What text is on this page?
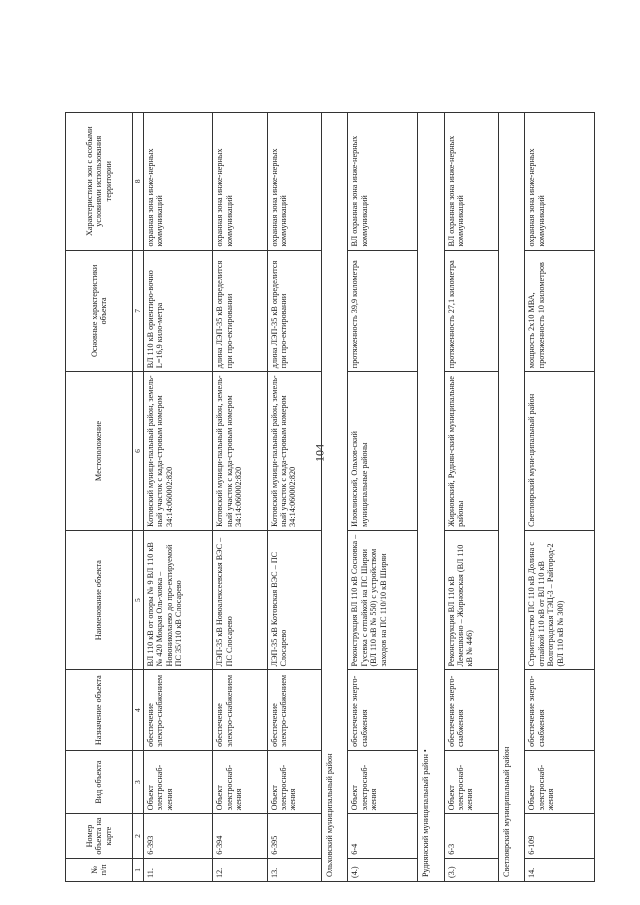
104
№ п/п	Номер объекта на карте	Вид объекта	Назначение объекта	Наименование объекта	Местоположение	Основные характеристики объекта	Характеристики зон с особыми условиями использования территории
1	2	3	4	5	6	7	8
11.	6-393	Объект электроснаб-жения	обеспечение электро-снабжением	ВЛ 110 кВ от опоры № 9 ВЛ 110 кВ № 420 Мокрая Оль-ховка – Новониколаево до про-ектируемой ПС 35/110 кВ Слосарево	Котовский муници-пальный район, земель-ный участок с када-стровым номером 34:14:060002:820	ВЛ 110 кВ ориентиро-вочно L=16,9 кило-метра	охранная зона инже-нерных коммуникаций
12.	6-394	Объект электроснаб-жения	обеспечение электро-снабжением	ЛЭП-35 кВ Новоалексеевская ВЭС – ПС Слосарево	Котовский муници-пальный район, земель-ный участок с када-стровым номером 34:14:060002:820	длина ЛЭП-35 кВ определится при про-ектировании	охранная зона инже-нерных коммуникаций
13.	6-395	Объект электроснаб-жения	обеспечение электро-снабжением	ЛЭП-35 кВ Котовская ВЭС – ПС Слосарево	Котовский муници-пальный район, земель-ный участок с када-стровым номером 34:14:060002:820	длина ЛЭП-35 кВ определится при про-ектировании	охранная зона инже-нерных коммуникаций
Ольховский муниципальный район							
(4.)	6-4	Объект электроснаб-жения	обеспечение энерго-снабжения	Реконструкция ВЛ 110 кВ Сосновка – Гусевка с отпайкой на ПС Ширяи (ВЛ 110 кВ № 550) с устройством заходов на ПС 110/10 кВ Ширяи	Иловлинский, Ольхов-ский муниципальные районы	протяженность 39,9 километра	ВЛ охранная зона инже-нерных коммуникаций
Руднянский муниципальный район •							
(3.)	6-3	Объект электроснаб-жения	обеспечение энерго-снабжения	Реконструкция ВЛ 110 кВ Лемешкино – Жирновская (ВЛ 110 кВ № 446)	Жирновский, Руднян-ский муниципальные районы	протяженность 27,1 километра	ВЛ охранная зона инже-нерных коммуникаций
Светлоярский муниципальный район							
14.	6-109	Объект электроснаб-жения	обеспечение энерго-снабжения	Строительство ПС 110 кВ Долина с отпайкой 110 кВ от ВЛ 110 кВ Волгоградская ТЭЦ-3 – Райгород-2 (ВЛ 110 кВ № 300)	Светлоярский муни-ципальный район	мощность 2х10 МВА, протяженность 10 километров	охранная зона инже-нерных коммуникаций
